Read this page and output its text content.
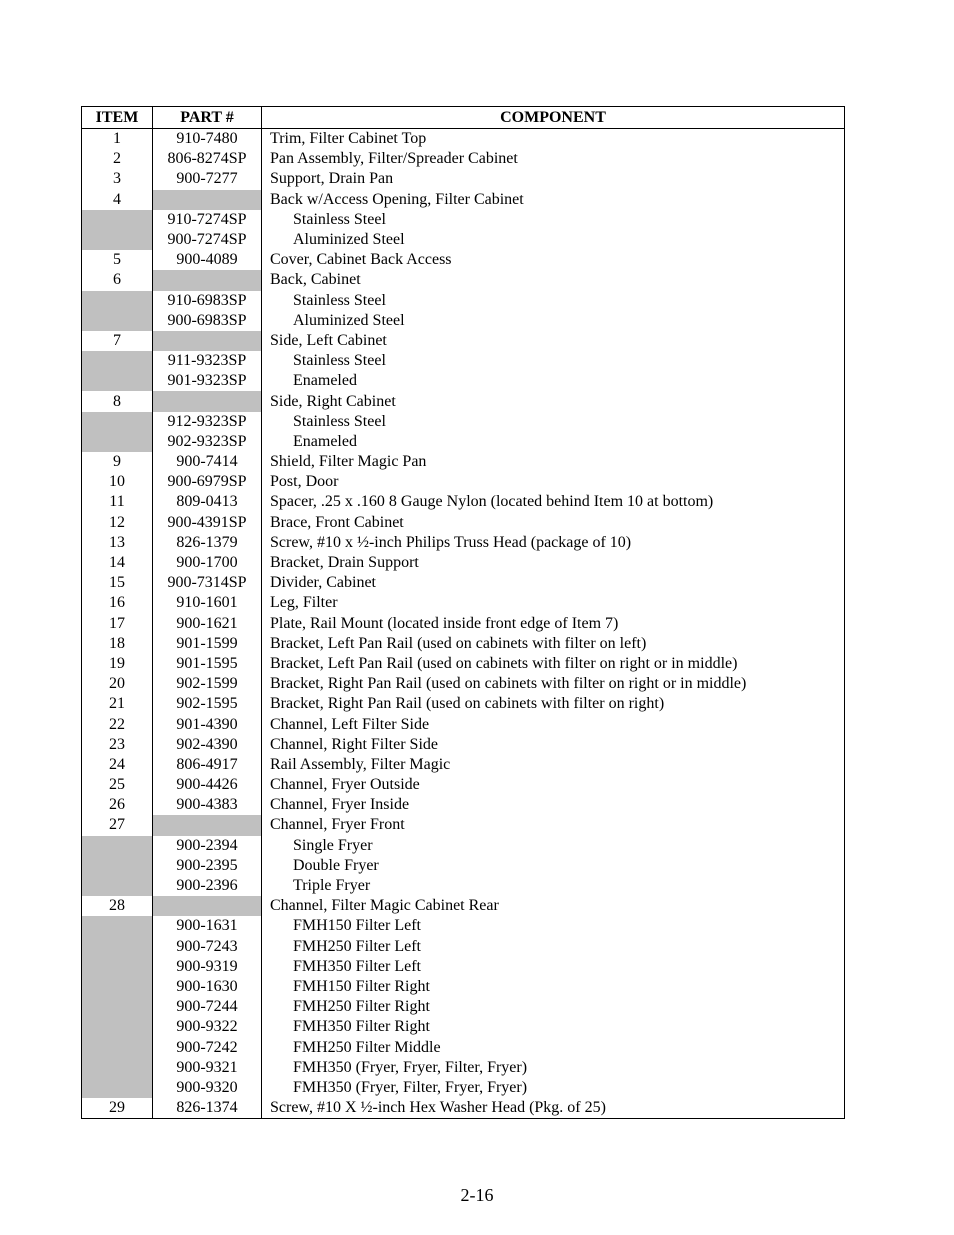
ITEM	PART #	COMPONENT
1	910-7480	Trim, Filter Cabinet Top
2	806-8274SP	Pan Assembly, Filter/Spreader Cabinet
3	900-7277	Support, Drain Pan
4		Back w/Access Opening, Filter Cabinet
	910-7274SP	Stainless Steel
	900-7274SP	Aluminized Steel
5	900-4089	Cover, Cabinet Back Access
6		Back, Cabinet
	910-6983SP	Stainless Steel
	900-6983SP	Aluminized Steel
7		Side, Left Cabinet
	911-9323SP	Stainless Steel
	901-9323SP	Enameled
8		Side, Right Cabinet
	912-9323SP	Stainless Steel
	902-9323SP	Enameled
9	900-7414	Shield, Filter Magic Pan
10	900-6979SP	Post, Door
11	809-0413	Spacer, .25 x .160 8 Gauge Nylon (located behind Item 10 at bottom)
12	900-4391SP	Brace, Front Cabinet
13	826-1379	Screw, #10 x ½-inch Philips Truss Head (package of 10)
14	900-1700	Bracket, Drain Support
15	900-7314SP	Divider, Cabinet
16	910-1601	Leg, Filter
17	900-1621	Plate, Rail Mount (located inside front edge of Item 7)
18	901-1599	Bracket, Left Pan Rail (used on cabinets with filter on left)
19	901-1595	Bracket, Left Pan Rail (used on cabinets with filter on right or in middle)
20	902-1599	Bracket, Right Pan Rail (used on cabinets with filter on right or in middle)
21	902-1595	Bracket, Right Pan Rail (used on cabinets with filter on right)
22	901-4390	Channel, Left Filter Side
23	902-4390	Channel, Right Filter Side
24	806-4917	Rail Assembly, Filter Magic
25	900-4426	Channel, Fryer Outside
26	900-4383	Channel, Fryer Inside
27		Channel, Fryer Front
	900-2394	Single Fryer
	900-2395	Double Fryer
	900-2396	Triple Fryer
28		Channel, Filter Magic Cabinet Rear
	900-1631	FMH150 Filter Left
	900-7243	FMH250 Filter Left
	900-9319	FMH350 Filter Left
	900-1630	FMH150 Filter Right
	900-7244	FMH250 Filter Right
	900-9322	FMH350 Filter Right
	900-7242	FMH250 Filter Middle
	900-9321	FMH350 (Fryer, Fryer, Filter, Fryer)
	900-9320	FMH350 (Fryer, Filter, Fryer, Fryer)
29	826-1374	Screw, #10 X ½-inch Hex Washer Head (Pkg. of 25)
2-16
